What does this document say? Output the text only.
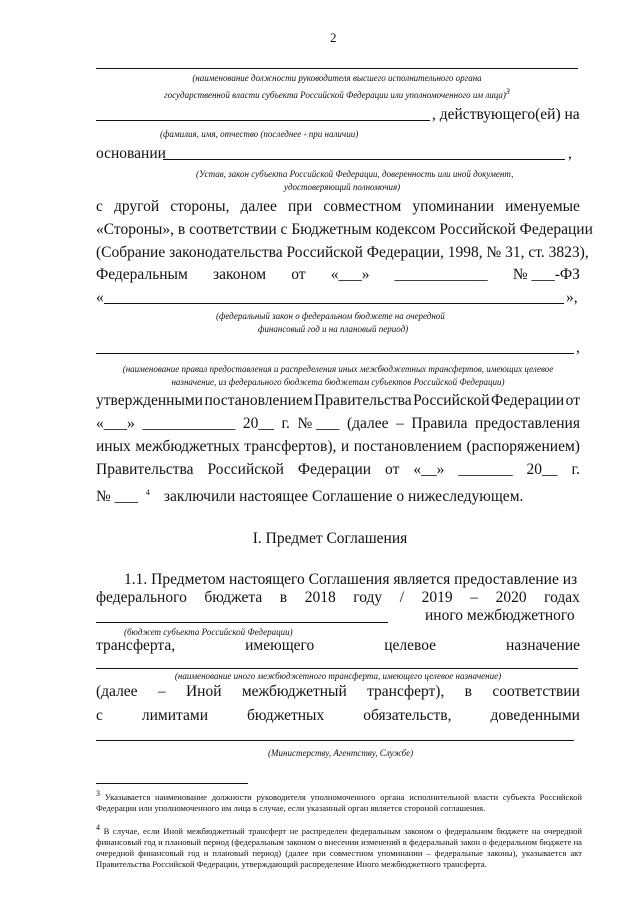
2
(наименование должности руководителя высшего исполнительного органа
государственной власти субъекта Российской Федерации или уполномоченного им лица)$^3$
, действующего(ей) на
(фамилия, имя, отчество (последнее - при наличии)
основании	,
(Устав, закон субъекта Российской Федерации, доверенность или иной документ,
удостоверяющий полномочия)
с другой стороны, далее при совместном упоминании именуемые
«Стороны», в соответствии с Бюджетным кодексом Российской Федерации
(Собрание законодательства Российской Федерации, 1998, № 31, ст. 3823),
Федеральным законом от «___» ____________ № ___-ФЗ
«	»,
(федеральный закон о федеральном бюджете на очередной
финансовый год и на плановый период)
,
(наименование правил предоставления и распределения иных межбюджетных трансфертов, имеющих целевое
назначение, из федерального бюджета бюджетам субъектов Российской Федерации)
утвержденными постановлением Правительства Российской Федерации от
«___» ____________ 20__ г. № ___ (далее – Правила предоставления
иных межбюджетных трансфертов), и постановлением (распоряжением)
Правительства Российской Федерации от «__» _______ 20__ г.
№ ___ $^4$ заключили настоящее Соглашение о нижеследующем.
I. Предмет Соглашения
1.1. Предметом настоящего Соглашения является предоставление из
федерального бюджета в 2018 году / 2019 – 2020 годах
иного межбюджетного
(бюджет субъекта Российской Федерации)
трансферта,	имеющего	целевое	назначение
(наименование иного межбюджетного трансферта, имеющего целевое назначение)
(далее – Иной межбюджетный трансферт), в соответствии
с	лимитами	бюджетных	обязательств,	доведенными
(Министерству, Агентству, Службе)
$^3$ Указывается наименование должности руководителя уполномоченного органа исполнительной власти субъекта Российской Федерации или уполномоченного им лица в случае, если указанный орган является стороной соглашения.
$^4$ В случае, если Иной межбюджетный трансферт не распределен федеральным законом о федеральном бюджете на очередной финансовый год и плановый период (федеральным законом о внесении изменений в федеральный закон о федеральном бюджете на очередной финансовый год и плановый период) (далее при совместном упоминании – федеральные законы), указывается акт Правительства Российской Федерации, утверждающий распределение Иного межбюджетного трансферта.
